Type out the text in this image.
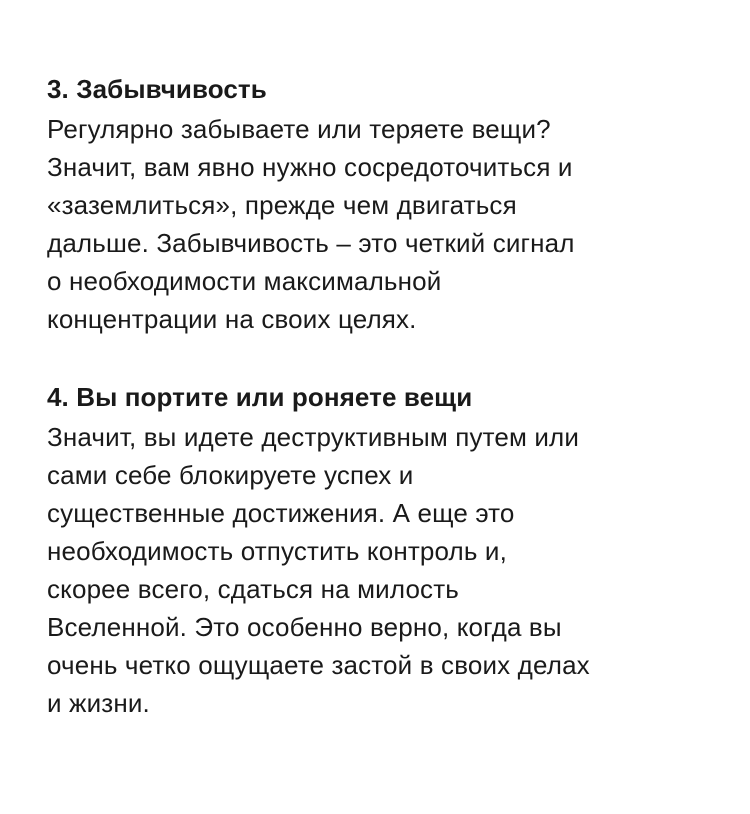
3. Забывчивость
Регулярно забываете или теряете вещи?
Значит, вам явно нужно сосредоточиться и
«заземлиться», прежде чем двигаться
дальше. Забывчивость – это четкий сигнал
о необходимости максимальной
концентрации на своих целях.
4. Вы портите или роняете вещи
Значит, вы идете деструктивным путем или
сами себе блокируете успех и
существенные достижения. А еще это
необходимость отпустить контроль и,
скорее всего, сдаться на милость
Вселенной. Это особенно верно, когда вы
очень четко ощущаете застой в своих делах
и жизни.
